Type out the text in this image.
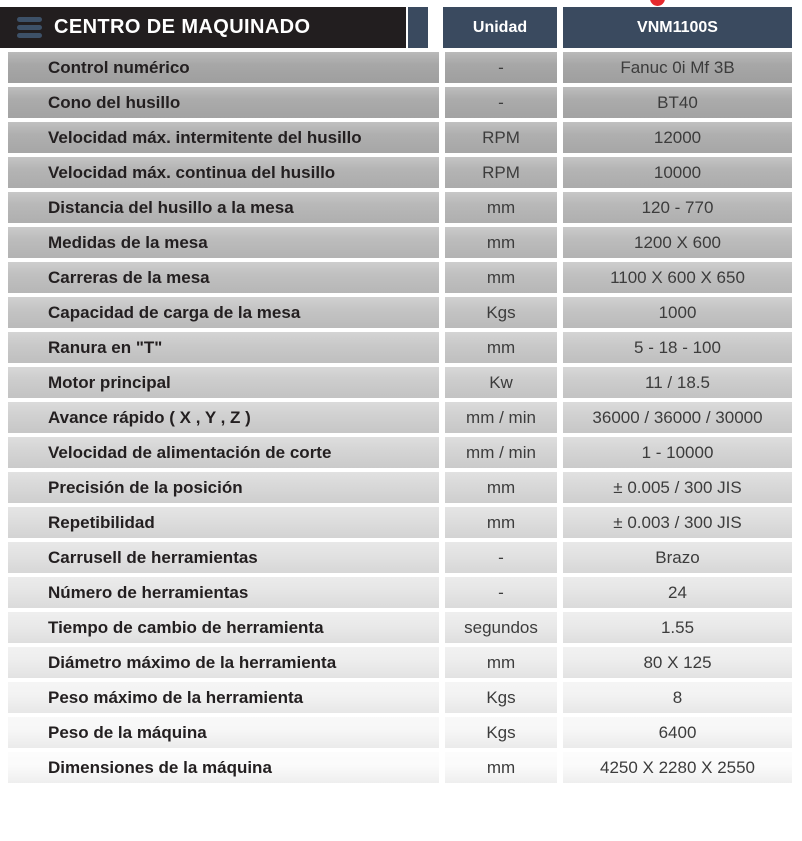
CENTRO DE MAQUINADO	Unidad	VNM1100S
Control numérico	-	Fanuc 0i Mf 3B
Cono del husillo	-	BT40
Velocidad máx. intermitente del husillo	RPM	12000
Velocidad máx. continua del husillo	RPM	10000
Distancia del husillo a la mesa	mm	120 - 770
Medidas de la mesa	mm	1200 X 600
Carreras de la mesa	mm	1100 X 600 X 650
Capacidad de carga de la mesa	Kgs	1000
Ranura en "T"	mm	5 - 18 - 100
Motor principal	Kw	11 / 18.5
Avance rápido ( X , Y , Z )	mm / min	36000 / 36000 / 30000
Velocidad de alimentación de corte	mm / min	1 - 10000
Precisión de la posición	mm	± 0.005 / 300 JIS
Repetibilidad	mm	± 0.003 / 300 JIS
Carrusell de herramientas	-	Brazo
Número de herramientas	-	24
Tiempo de cambio de herramienta	segundos	1.55
Diámetro máximo de la herramienta	mm	80 X 125
Peso máximo de la herramienta	Kgs	8
Peso de la máquina	Kgs	6400
Dimensiones de la máquina	mm	4250 X 2280 X 2550
